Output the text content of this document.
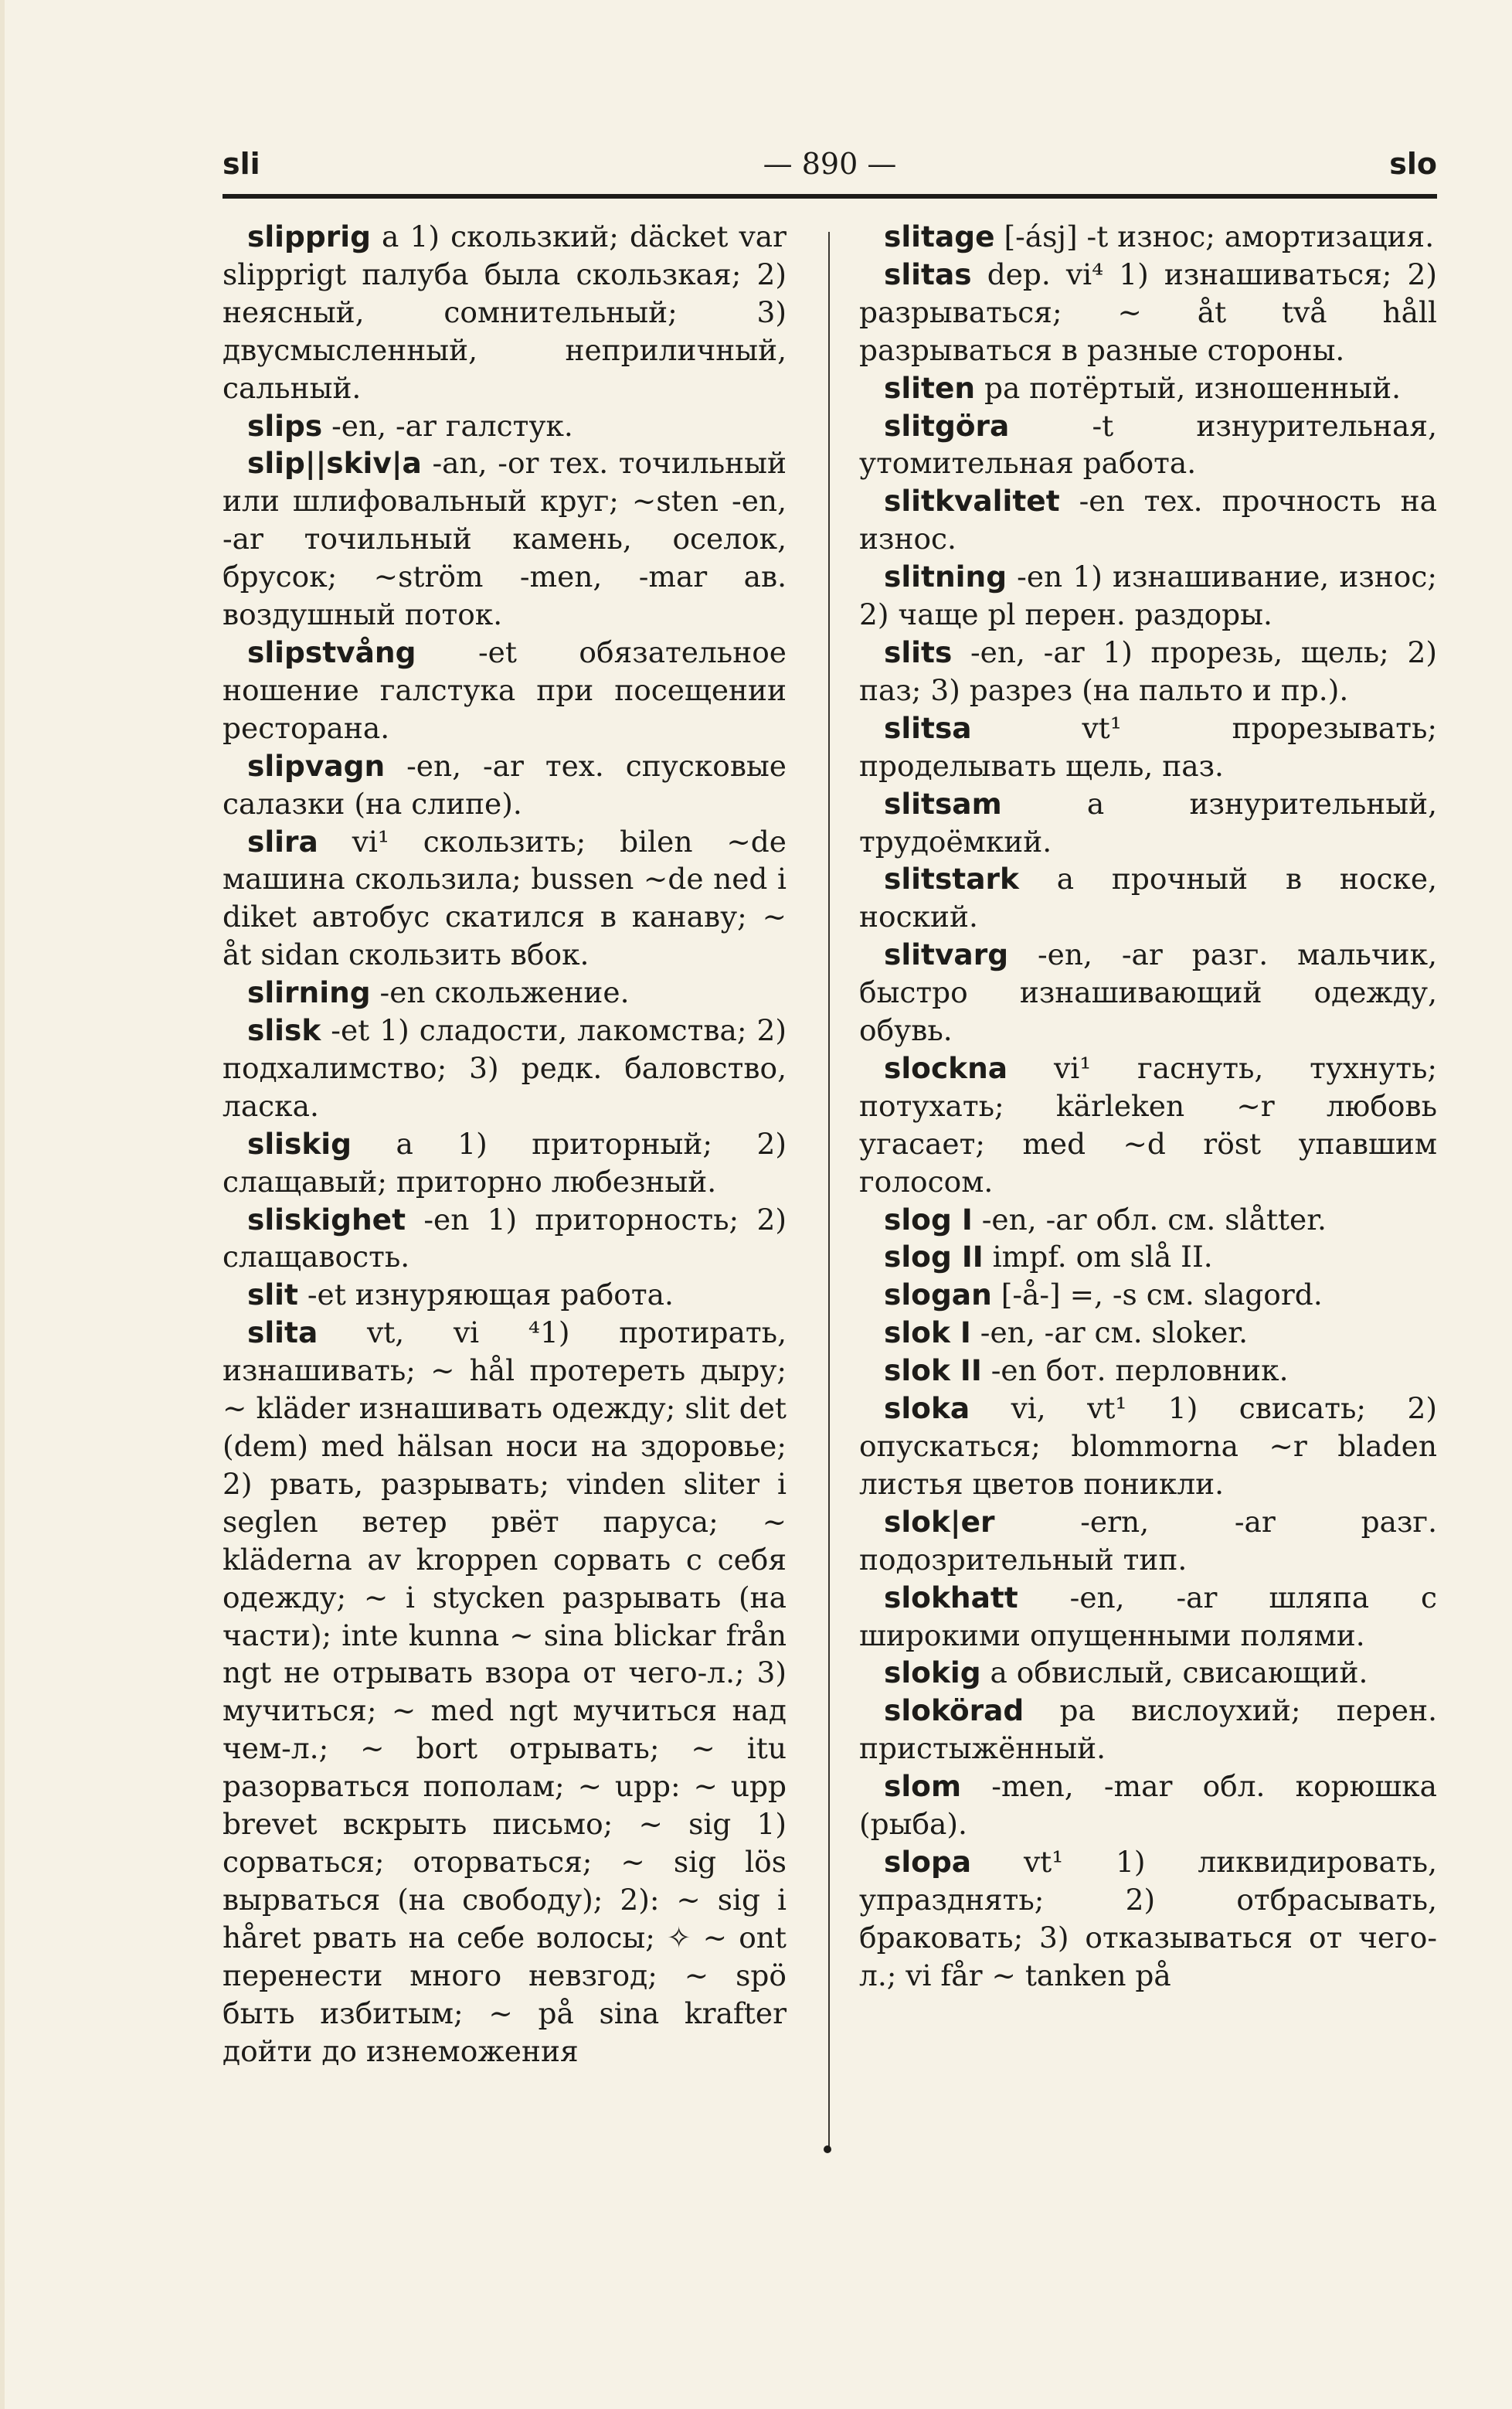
— 890 —
sli	slo

slipprig a 1) скользкий; däcket var slipprigt палуба была скользкая; 2) неясный, сомнительный; 3) двусмысленный, неприличный, сальный.

slips -en, -ar галстук.

slip||skiv|a -an, -or тех. точильный или шлифовальный круг; ~sten -en, -ar точильный камень, оселок, брусок; ~ström -men, -mar ав. воздушный поток.

slipstvång -et обязательное ношение галстука при посещении ресторана.

slipvagn -en, -ar тех. спусковые салазки (на слипе).

slira vi¹ скользить; bilen ~de машина скользила; bussen ~de ned i diket автобус скатился в канаву; ~ åt sidan скользить вбок.

slirning -en скольжение.

slisk -et 1) сладости, лакомства; 2) подхалимство; 3) редк. баловство, ласка.

sliskig a 1) приторный; 2) слащавый; приторно любезный.

sliskighet -en 1) приторность; 2) слащавость.

slit -et изнуряющая работа.

slita vt, vi ⁴1) протирать, изнашивать; ~ hål протереть дыру; ~ kläder изнашивать одежду; slit det (dem) med hälsan носи на здоровье; 2) рвать, разрывать; vinden sliter i seglen ветер рвёт паруса; ~ kläderna av kroppen сорвать с себя одежду; ~ i stycken разрывать (на части); inte kunna ~ sina blickar från ngt не отрывать взора от чего-л.; 3) мучиться; ~ med ngt мучиться над чем-л.; ~ bort отрывать; ~ itu разорваться пополам; ~ upp: ~ upp brevet вскрыть письмо; ~ sig 1) сорваться; оторваться; ~ sig lös вырваться (на свободу); 2): ~ sig i håret рвать на себе волосы; ✧ ~ ont перенести много невзгод; ~ spö быть избитым; ~ på sina krafter дойти до изнеможения

slitage [-ásj] -t износ; амортизация.

slitas dep. vi⁴ 1) изнашиваться; 2) разрываться; ~ åt två håll разрываться в разные стороны.

sliten pa потёртый, изношенный.

slitgöra -t изнурительная, утомительная работа.

slitkvalitet -en тех. прочность на износ.

slitning -en 1) изнашивание, износ; 2) чаще pl перен. раздоры.

slits -en, -ar 1) прорезь, щель; 2) паз; 3) разрез (на пальто и пр.).

slitsa vt¹ прорезывать; проделывать щель, паз.

slitsam a изнурительный, трудоёмкий.

slitstark a прочный в носке, ноский.

slitvarg -en, -ar разг. мальчик, быстро изнашивающий одежду, обувь.

slockna vi¹ гаснуть, тухнуть; потухать; kärleken ~r любовь угасает; med ~d röst упавшим голосом.

slog I -en, -ar обл. см. slåtter.

slog II impf. om slå II.

slogan [-å-] =, -s см. slagord.

slok I -en, -ar см. sloker.

slok II -en бот. перловник.

sloka vi, vt¹ 1) свисать; 2) опускаться; blommorna ~r bladen листья цветов поникли.

slok|er -ern, -ar разг. подозрительный тип.

slokhatt -en, -ar шляпа с широкими опущенными полями.

slokig a обвислый, свисающий.

slokörad pa вислоухий; перен. пристыжённый.

slom -men, -mar обл. корюшка (рыба).

slopa vt¹ 1) ликвидировать, упразднять; 2) отбрасывать, браковать; 3) отказываться от чего-л.; vi får ~ tanken på
